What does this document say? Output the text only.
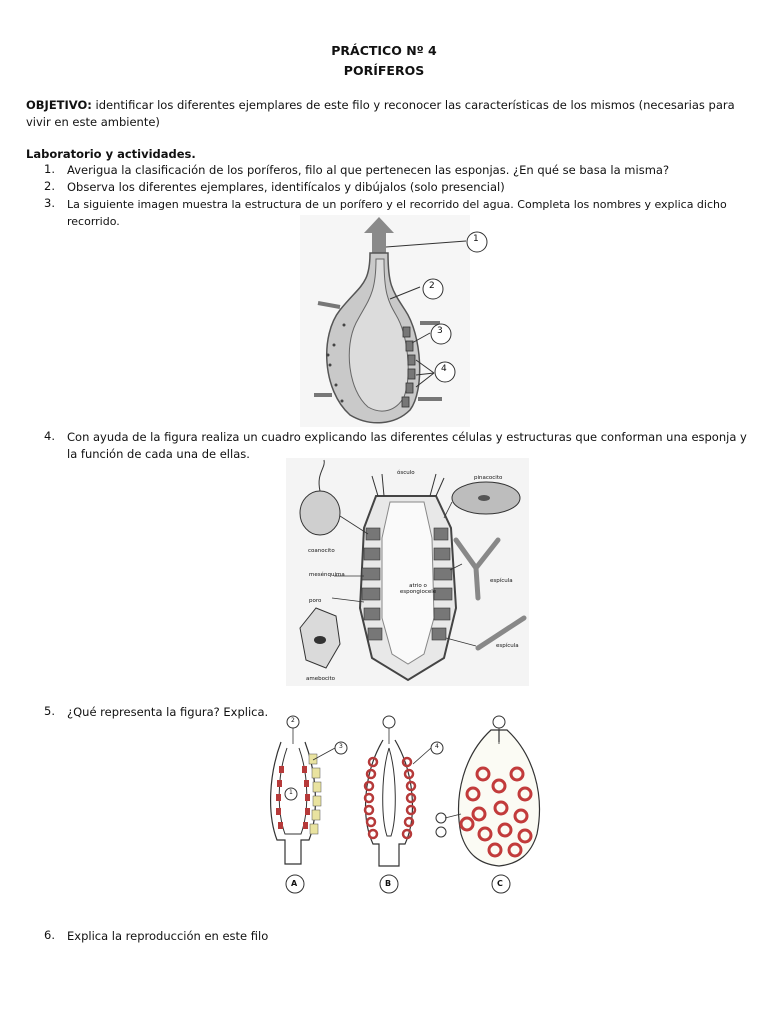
PRÁCTICO Nº 4
PORÍFEROS
OBJETIVO: identificar los diferentes ejemplares de este filo y reconocer las características de los mismos (necesarias para vivir en este ambiente)
Laboratorio y actividades.
1. Averigua la clasificación de los poríferos, filo al que pertenecen las esponjas. ¿En qué se basa la misma?
2. Observa los diferentes ejemplares, identifícalos y dibújalos (solo presencial)
3. La siguiente imagen muestra la estructura de un porífero y el recorrido del agua. Completa los nombres y explica dicho recorrido.
1
2
3
4
4. Con ayuda de la figura realiza un cuadro explicando las diferentes células y estructuras que conforman una esponja y la función de cada una de ellas.
ósculo
pinacocito
coanocito
mesénquima
poro
atrio o espongiocele
espícula
espícula
amebocito
5. ¿Qué representa la figura? Explica.
A	B	C
1
2
3	4
6. Explica la reproducción en este filo
